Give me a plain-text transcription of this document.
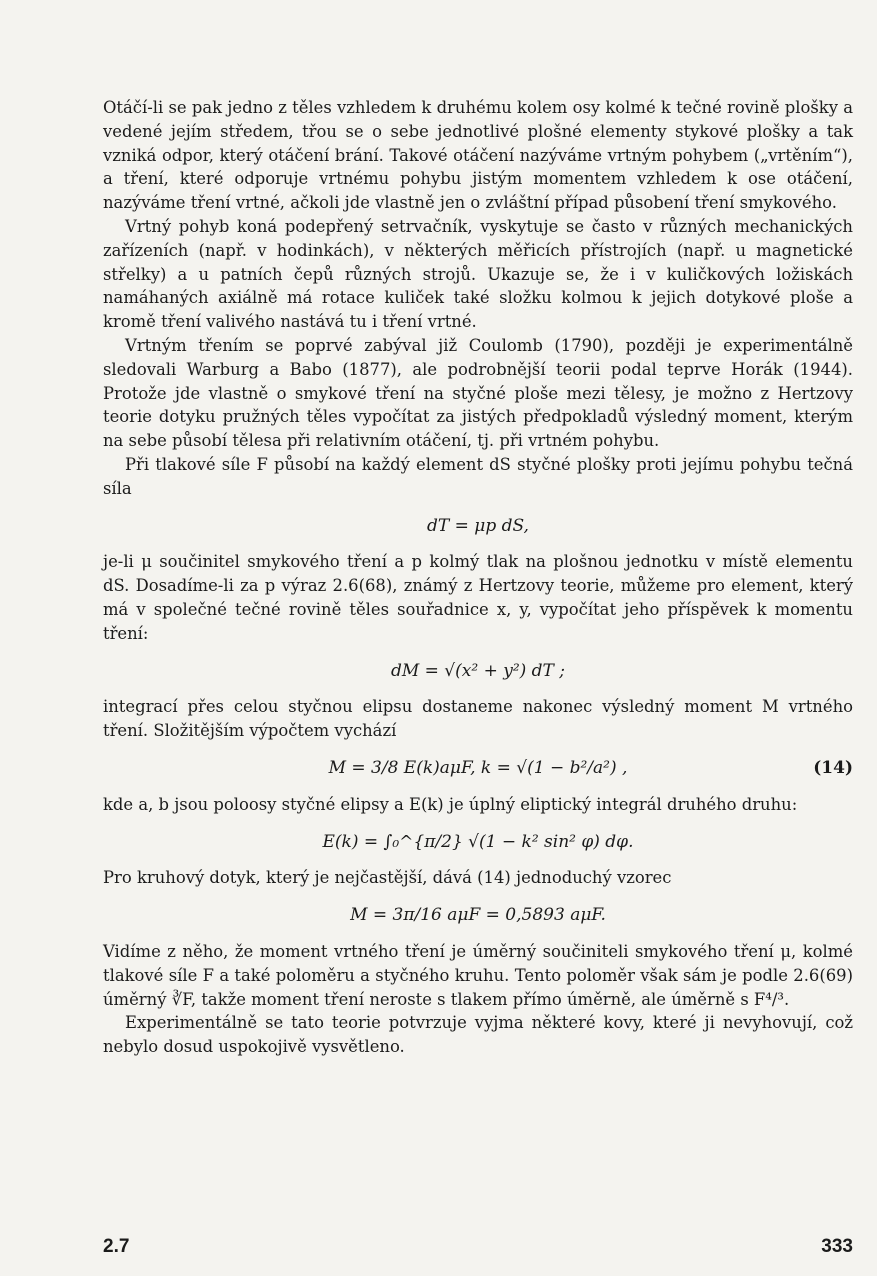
Otáčí-li se pak jedno z těles vzhledem k druhému kolem osy kolmé k tečné rovině plošky a vedené jejím středem, třou se o sebe jednotlivé plošné elementy stykové plošky a tak vzniká odpor, který otáčení brání. Takové otáčení nazýváme vrtným pohybem („vrtěním“), a tření, které odporuje vrtnému pohybu jistým momentem vzhledem k ose otáčení, nazýváme tření vrtné, ačkoli jde vlastně jen o zvláštní případ působení tření smykového.

Vrtný pohyb koná podepřený setrvačník, vyskytuje se často v různých mechanických zařízeních (např. v hodinkách), v některých měřicích přístrojích (např. u magnetické střelky) a u patních čepů různých strojů. Ukazuje se, že i v kuličkových ložiskách namáhaných axiálně má rotace kuliček také složku kolmou k jejich dotykové ploše a kromě tření valivého nastává tu i tření vrtné.

Vrtným třením se poprvé zabýval již Coulomb (1790), později je experimentálně sledovali Warburg a Babo (1877), ale podrobnější teorii podal teprve Horák (1944). Protože jde vlastně o smykové tření na styčné ploše mezi tělesy, je možno z Hertzovy teorie dotyku pružných těles vypočítat za jistých předpokladů výsledný moment, kterým na sebe působí tělesa při relativním otáčení, tj. při vrtném pohybu.

Při tlakové síle F působí na každý element dS styčné plošky proti jejímu pohybu tečná síla

dT = μp dS,

je-li μ součinitel smykového tření a p kolmý tlak na plošnou jednotku v místě elementu dS. Dosadíme-li za p výraz 2.6(68), známý z Hertzovy teorie, můžeme pro element, který má v společné tečné rovině těles souřadnice x, y, vypočítat jeho příspěvek k momentu tření:

dM = √(x² + y²) dT ;

integrací přes celou styčnou elipsu dostaneme nakonec výsledný moment M vrtného tření. Složitějším výpočtem vychází

M = 3/8 E(k)aμF, k = √(1 − b²/a²) ,	(14)

kde a, b jsou poloosy styčné elipsy a E(k) je úplný eliptický integrál druhého druhu:

E(k) = ∫₀^{π/2} √(1 − k² sin² φ) dφ.

Pro kruhový dotyk, který je nejčastější, dává (14) jednoduchý vzorec

M = 3π/16 aμF = 0,5893 aμF.

Vidíme z něho, že moment vrtného tření je úměrný součiniteli smykového tření μ, kolmé tlakové síle F a také poloměru a styčného kruhu. Tento poloměr však sám je podle 2.6(69) úměrný ∛F, takže moment tření neroste s tlakem přímo úměrně, ale úměrně s F⁴/³.

Experimentálně se tato teorie potvrzuje vyjma některé kovy, které ji nevyhovují, což nebylo dosud uspokojivě vysvětleno.

2.7	333
